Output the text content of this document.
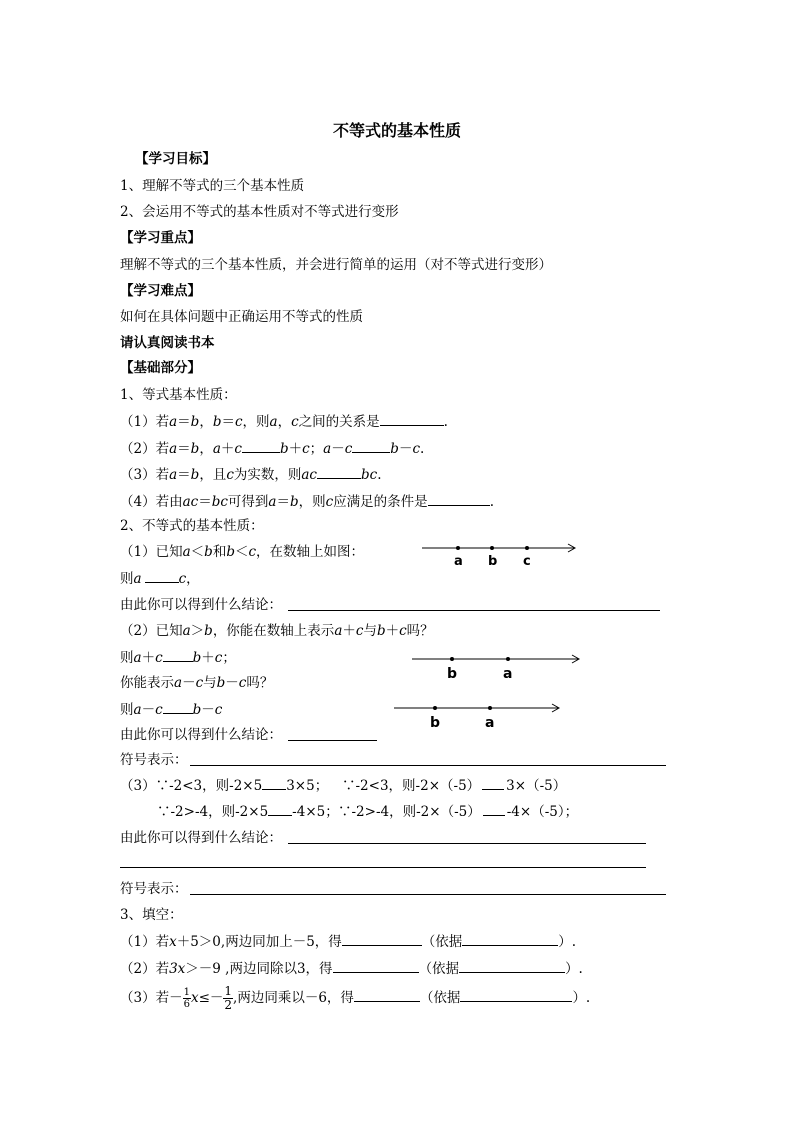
不等式的基本性质
【学习目标】
1、理解不等式的三个基本性质
2、会运用不等式的基本性质对不等式进行变形
【学习重点】
理解不等式的三个基本性质，并会进行简单的运用（对不等式进行变形）
【学习难点】
如何在具体问题中正确运用不等式的性质
请认真阅读书本
【基础部分】
1、等式基本性质：
（1）若a＝b，b＝c，则a，c之间的关系是	.
（2）若a＝b，a＋c	b＋c；a－c	b－c.
（3）若a＝b，且c为实数，则ac	bc.
（4）若由ac＝bc可得到a＝b，则c应满足的条件是	.
2、不等式的基本性质：
（1）已知a＜b和b＜c，在数轴上如图：
a b c
则a	c，
由此你可以得到什么结论：
（2）已知a＞b，你能在数轴上表示a＋c与b＋c吗？
则a＋c b＋c；
b	a
你能表示a－c与b－c吗？
则a－c b－c
b	a
由此你可以得到什么结论：
符号表示：
（3）∵-2<3，则-2×5 3×5； ∵-2<3，则-2×（-5） 3×（-5）
∵-2>-4，则-2×5 -4×5； ∵-2>-4，则-2×（-5） -4×（-5）；
由此你可以得到什么结论：
符号表示：
3、填空：
（1）若x＋5＞0,两边同加上－5，得	（依据	）.
（2）若3x＞－9 ,两边同除以3，得	（依据	）.
（3）若－ $\frac{1}{6} x\le- \frac{1}{2}$ ,两边同乘以－6，得	（依据	）.
